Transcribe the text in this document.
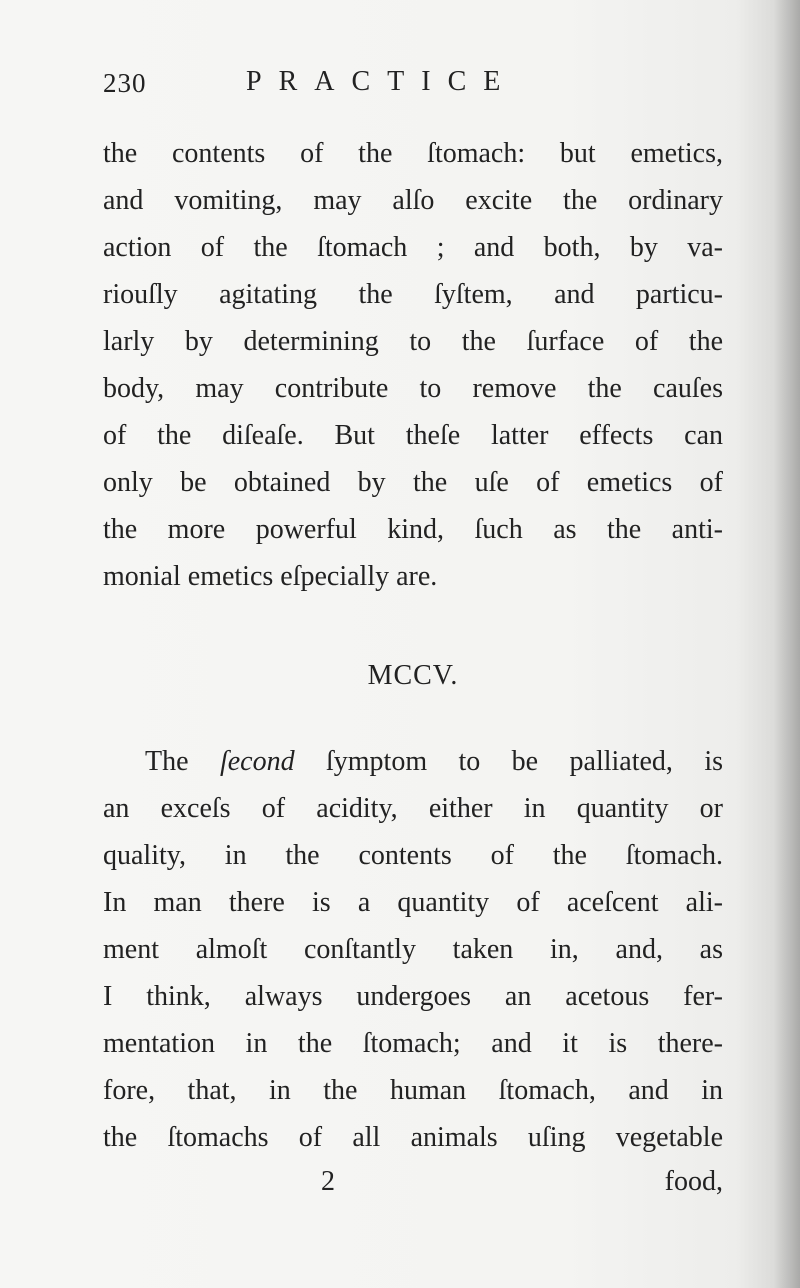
230	PRACTICE
the contents of the ſtomach: but emetics,
and vomiting, may alſo excite the ordinary
action of the ſtomach ; and both, by va-
riouſly agitating the ſyſtem, and particu-
larly by determining to the ſurface of the
body, may contribute to remove the cauſes
of the diſeaſe. But theſe latter effects can
only be obtained by the uſe of emetics of
the more powerful kind, ſuch as the anti-
monial emetics eſpecially are.
MCCV.
The ſecond ſymptom to be palliated, is
an exceſs of acidity, either in quantity or
quality, in the contents of the ſtomach.
In man there is a quantity of aceſcent ali-
ment almoſt conſtantly taken in, and, as
I think, always undergoes an acetous fer-
mentation in the ſtomach; and it is there-
fore, that, in the human ſtomach, and in
the ſtomachs of all animals uſing vegetable
2	food,
